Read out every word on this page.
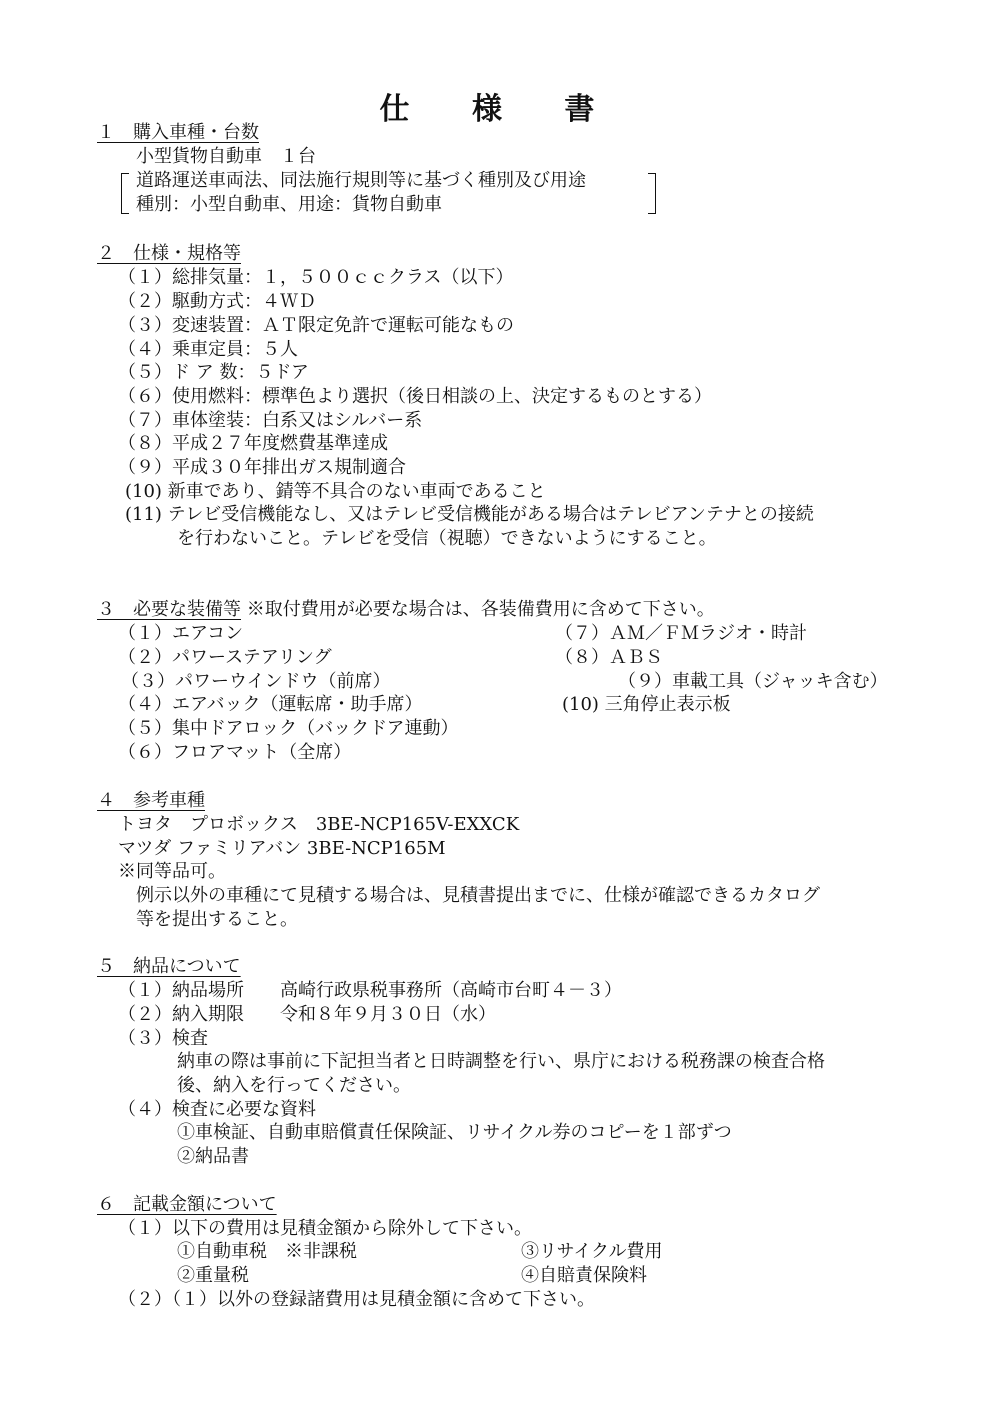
仕 様 書
１　購入車種・台数
小型貨物自動車　１台
道路運送車両法、同法施行規則等に基づく種別及び用途
種別：小型自動車、用途：貨物自動車
２　仕様・規格等
（１）総排気量：１，５００ｃｃクラス（以下）
（２）駆動方式：４ＷＤ
（３）変速装置：ＡＴ限定免許で運転可能なもの
（４）乗車定員：５人
（５）ド ア 数：５ドア
（６）使用燃料：標準色より選択（後日相談の上、決定するものとする）
（７）車体塗装：白系又はシルバー系
（８）平成２７年度燃費基準達成
（９）平成３０年排出ガス規制適合
(10) 新車であり、錆等不具合のない車両であること
(11) テレビ受信機能なし、又はテレビ受信機能がある場合はテレビアンテナとの接続
を行わないこと。テレビを受信（視聴）できないようにすること。
３　必要な装備等 ※取付費用が必要な場合は、各装備費用に含めて下さい。
（１）エアコン
（２）パワーステアリング
（３）パワーウインドウ（前席）
（４）エアバック（運転席・助手席）
（５）集中ドアロック（バックドア連動）
（６）フロアマット（全席）
（７）ＡＭ／ＦＭラジオ・時計
（８）ＡＢＳ
（９）車載工具（ジャッキ含む）
(10) 三角停止表示板
４　参考車種
トヨタ　プロボックス　3BE-NCP165V-EXXCK
マツダ ファミリアバン 3BE-NCP165M
※同等品可。
例示以外の車種にて見積する場合は、見積書提出までに、仕様が確認できるカタログ
等を提出すること。
５　納品について
（１）納品場所　　高崎行政県税事務所（高崎市台町４－３）
（２）納入期限　　令和８年９月３０日（水）
（３）検査
納車の際は事前に下記担当者と日時調整を行い、県庁における税務課の検査合格
後、納入を行ってください。
（４）検査に必要な資料
①車検証、自動車賠償責任保険証、リサイクル券のコピーを１部ずつ
②納品書
６　記載金額について
（１）以下の費用は見積金額から除外して下さい。
①自動車税　※非課税	③リサイクル費用
②重量税	④自賠責保険料
（２）（１）以外の登録諸費用は見積金額に含めて下さい。
